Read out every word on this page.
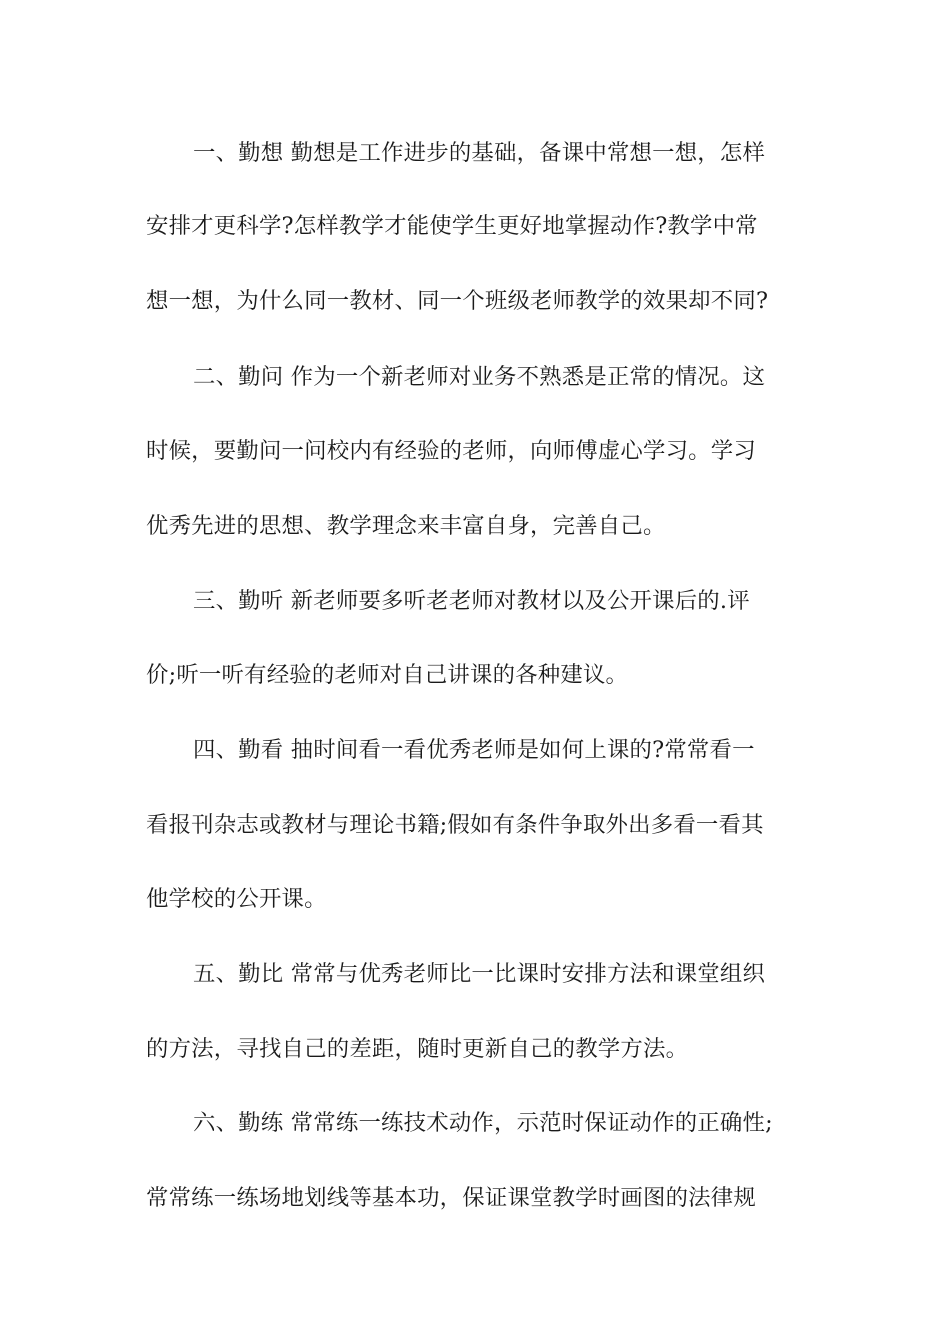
一、勤想 勤想是工作进步的基础，备课中常想一想，怎样

安排才更科学?怎样教学才能使学生更好地掌握动作?教学中常

想一想，为什么同一教材、同一个班级老师教学的效果却不同?

二、勤问 作为一个新老师对业务不熟悉是正常的情况。这

时候，要勤问一问校内有经验的老师，向师傅虚心学习。学习

优秀先进的思想、教学理念来丰富自身，完善自己。

三、勤听 新老师要多听老老师对教材以及公开课后的.评

价;听一听有经验的老师对自己讲课的各种建议。

四、勤看 抽时间看一看优秀老师是如何上课的?常常看一

看报刊杂志或教材与理论书籍;假如有条件争取外出多看一看其

他学校的公开课。

五、勤比 常常与优秀老师比一比课时安排方法和课堂组织

的方法，寻找自己的差距，随时更新自己的教学方法。

六、勤练 常常练一练技术动作，示范时保证动作的正确性;

常常练一练场地划线等基本功，保证课堂教学时画图的法律规
